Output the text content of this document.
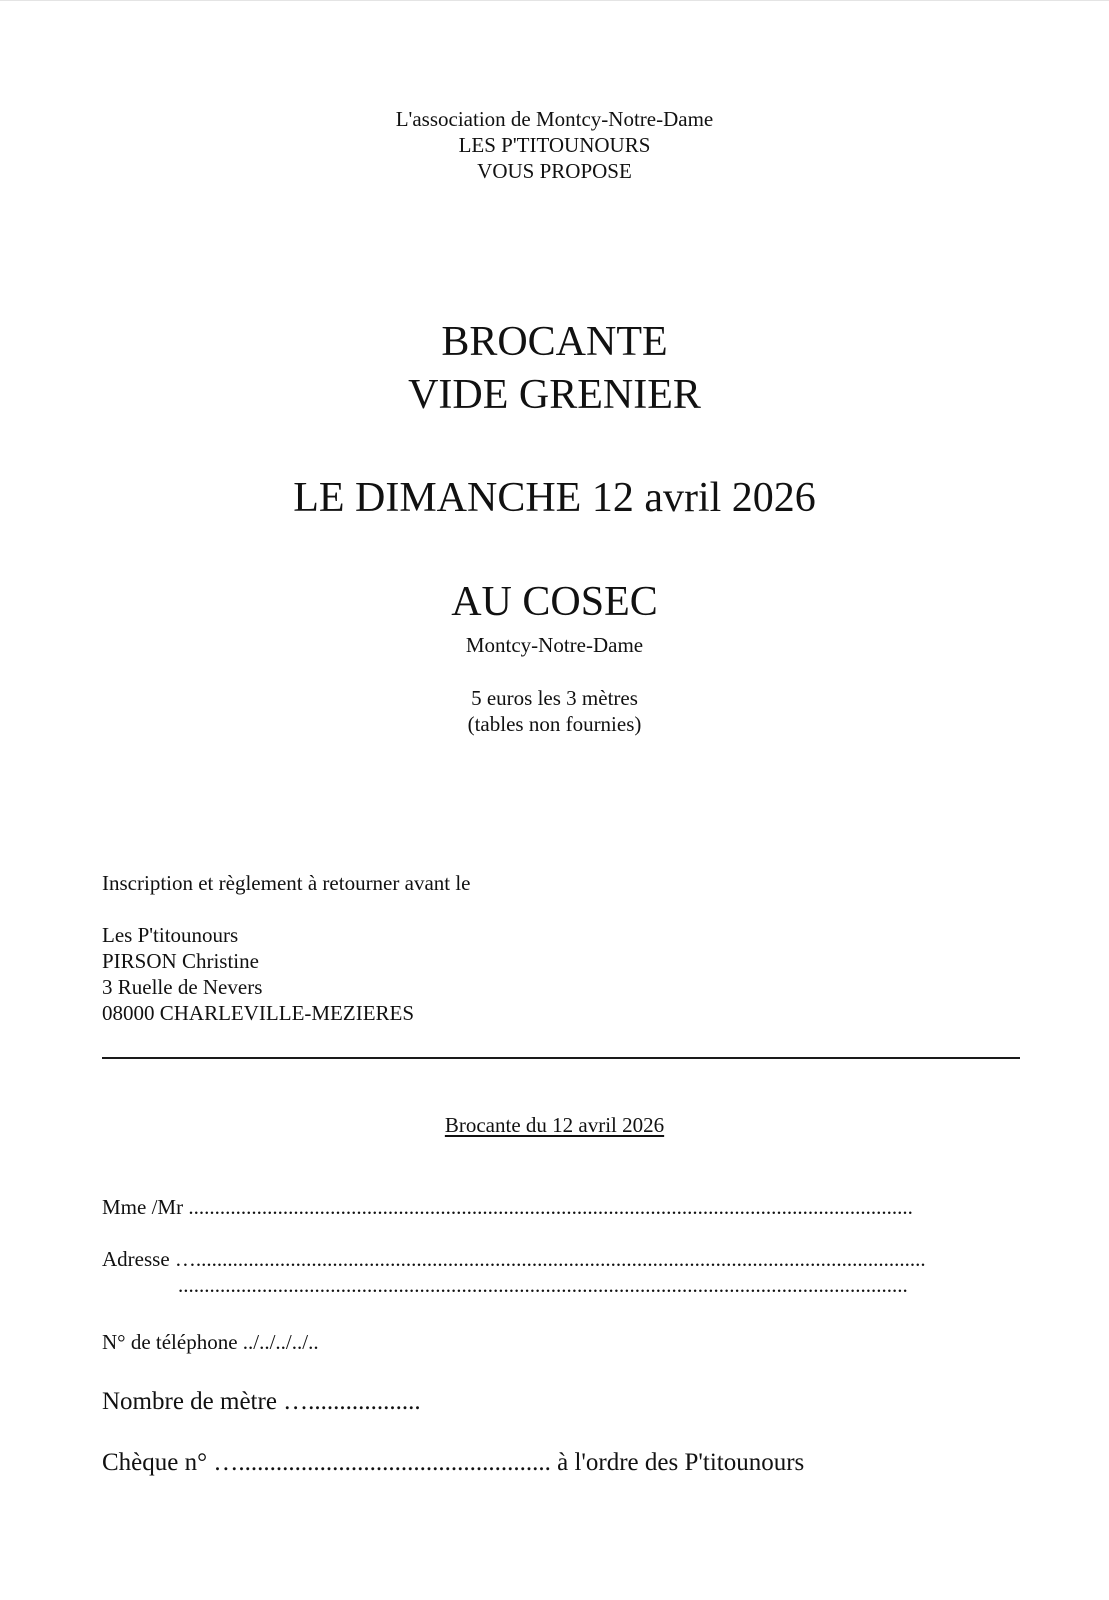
L'association de Montcy-Notre-Dame
LES P'TITOUNOURS
VOUS PROPOSE
BROCANTE
VIDE GRENIER
LE DIMANCHE 12 avril 2026
AU COSEC
Montcy-Notre-Dame
5 euros les 3 mètres
(tables non fournies)
Inscription et règlement à retourner avant le
Les P'titounours
PIRSON Christine
3 Ruelle de Nevers
08000 CHARLEVILLE-MEZIERES
Brocante du 12 avril 2026
Mme /Mr ..........................................................................................................................................
Adresse …...........................................................................................................................................
...........................................................................................................................................
N° de téléphone ../../../../..
Nombre de mètre …..................
Chèque n° ….................................................. à l'ordre des P'titounours
